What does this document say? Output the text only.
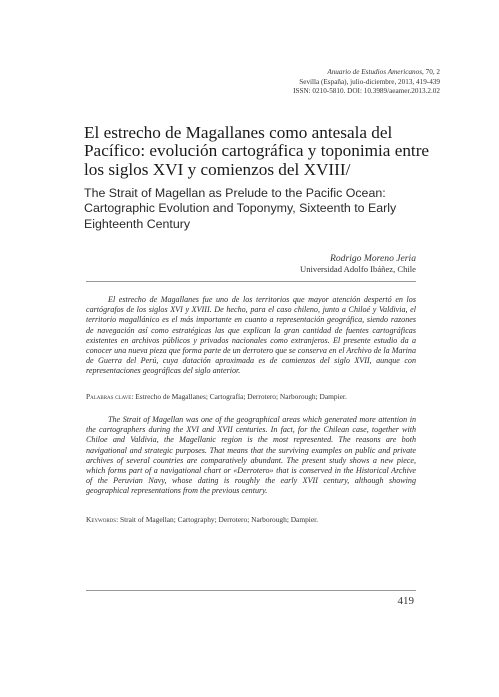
Anuario de Estudios Americanos, 70, 2
Sevilla (España), julio-diciembre, 2013, 419-439
ISSN: 0210-5810. DOI: 10.3989/aeamer.2013.2.02
El estrecho de Magallanes como antesala del Pacífico: evolución cartográfica y toponimia entre los siglos XVI y comienzos del XVIII/
The Strait of Magellan as Prelude to the Pacific Ocean: Cartographic Evolution and Toponymy, Sixteenth to Early Eighteenth Century
Rodrigo Moreno Jeria
Universidad Adolfo Ibáñez, Chile

El estrecho de Magallanes fue uno de los territorios que mayor atención despertó en los cartógrafos de los siglos XVI y XVIII. De hecho, para el caso chileno, junto a Chiloé y Valdivia, el territorio magallánico es el más importante en cuanto a representación geográfica, siendo razones de navegación así como estratégicas las que explican la gran cantidad de fuentes cartográficas existentes en archivos públicos y privados nacionales como extranjeros. El presente estudio da a conocer una nueva pieza que forma parte de un derrotero que se conserva en el Archivo de la Marina de Guerra del Perú, cuya datación aproximada es de comienzos del siglo XVII, aunque con representaciones geográficas del siglo anterior.

Palabras clave: Estrecho de Magallanes; Cartografía; Derrotero; Narborough; Dampier.

The Strait of Magellan was one of the geographical areas which generated more attention in the cartographers during the XVI and XVII centuries. In fact, for the Chilean case, together with Chiloe and Valdivia, the Magellanic region is the most represented. The reasons are both navigational and strategic purposes. That means that the surviving examples on public and private archives of several countries are comparatively abundant. The present study shows a new piece, which forms part of a navigational chart or «Derrotero» that is conserved in the Historical Archive of the Peruvian Navy, whose dating is roughly the early XVII century, although showing geographical representations from the previous century.

Keywords: Strait of Magellan; Cartography; Derrotero; Narborough; Dampier.
419
